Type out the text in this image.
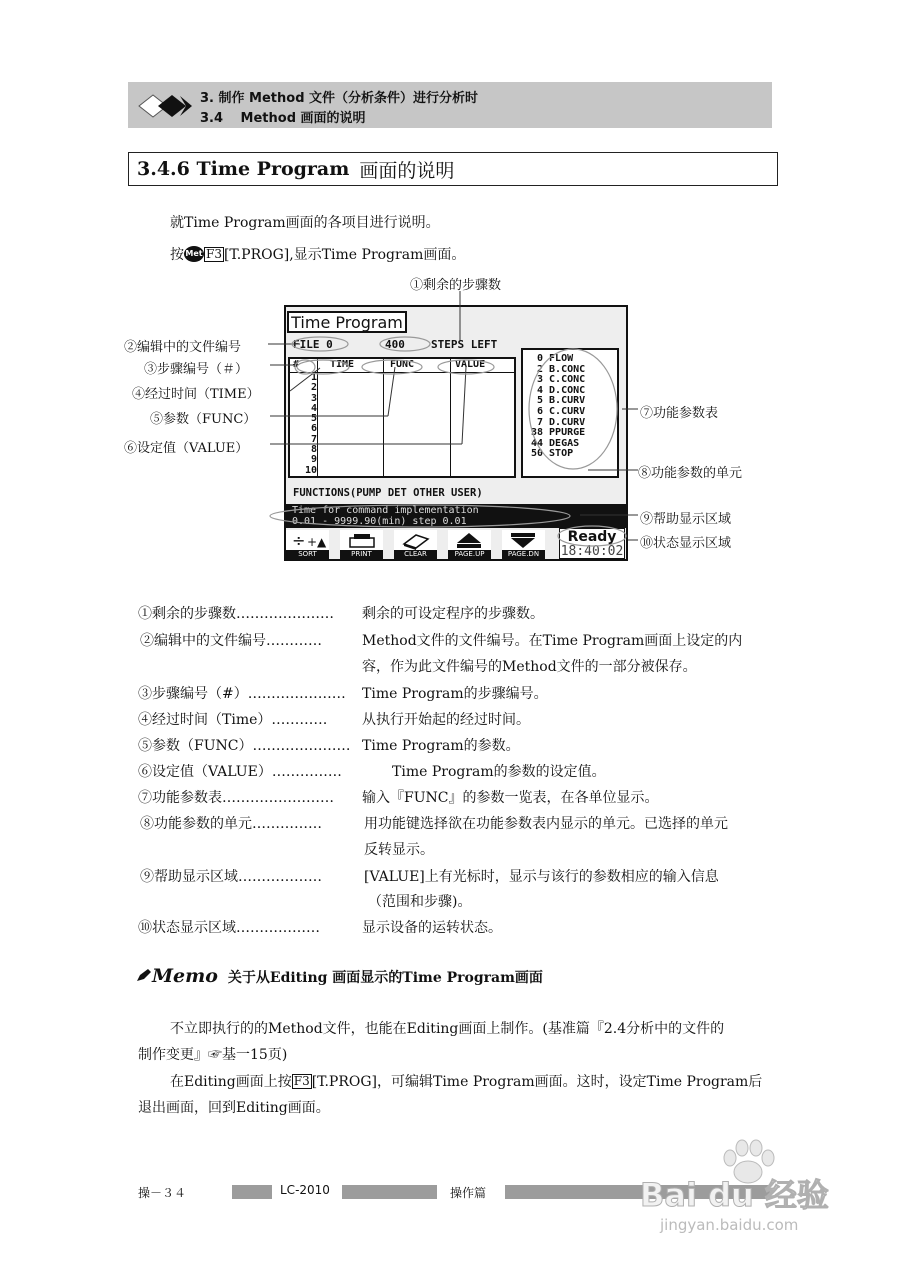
3. 制作 Method 文件（分析条件）进行分析时
3.4　 Method 画面的说明
3.4.6 Time Program 画面的说明
就Time Program画面的各项目进行说明。
按 Met F3 [T.PROG],显示Time Program画面。
Time Program
FILE 0	400 STEPS LEFT
#	TIME	FUNC	VALUE
1
2
3
4
5
6
7
8
9
10
0 FLOW
2 B.CONC
3 C.CONC
4 D.CONC
5 B.CURV
6 C.CURV
7 D.CURV
38 PPURGE
44 DEGAS
50 STOP
FUNCTIONS(PUMP DET OTHER USER)
Time for command implementation
0.01 - 9999.90(min) step 0.01
÷ +▲
SORT	PRINT	CLEAR	PAGE.UP	PAGE.DN
Ready
18:40:02
①剩余的步骤数
②编辑中的文件编号
③步骤编号（＃）
④经过时间（TIME）
⑤参数（FUNC）
⑥设定值（VALUE）
⑦功能参数表
⑧功能参数的单元
⑨帮助显示区域
⑩状态显示区域
①剩余的步骤数………………… 剩余的可设定程序的步骤数。
②编辑中的文件编号…………	Method文件的文件编号。在Time Program画面上设定的内
容，作为此文件编号的Method文件的一部分被保存。
③步骤编号（#）………………… Time Program的步骤编号。
④经过时间（Time）………… 从执行开始起的经过时间。
⑤参数（FUNC）………………… Time Program的参数。
⑥设定值（VALUE）……………	Time Program的参数的设定值。
⑦功能参数表…………………… 输入『FUNC』的参数一览表，在各单位显示。
⑧功能参数的单元……………	用功能键选择欲在功能参数表内显示的单元。已选择的单元
反转显示。
⑨帮助显示区域………………	[VALUE]上有光标时，显示与该行的参数相应的输入信息
（范围和步骤)。
⑩状态显示区域………………	显示设备的运转状态。
Memo 关于从Editing 画面显示的Time Program画面
不立即执行的的Method文件，也能在Editing画面上制作。(基准篇『2.4分析中的文件的
制作变更』☞基一15页)
在Editing画面上按 F3 [T.PROG]，可编辑Time Program画面。这时，设定Time Program后
退出画面，回到Editing画面。
操－３４	LC-2010	操作篇	Bai du 经验
jingyan.baidu.com
